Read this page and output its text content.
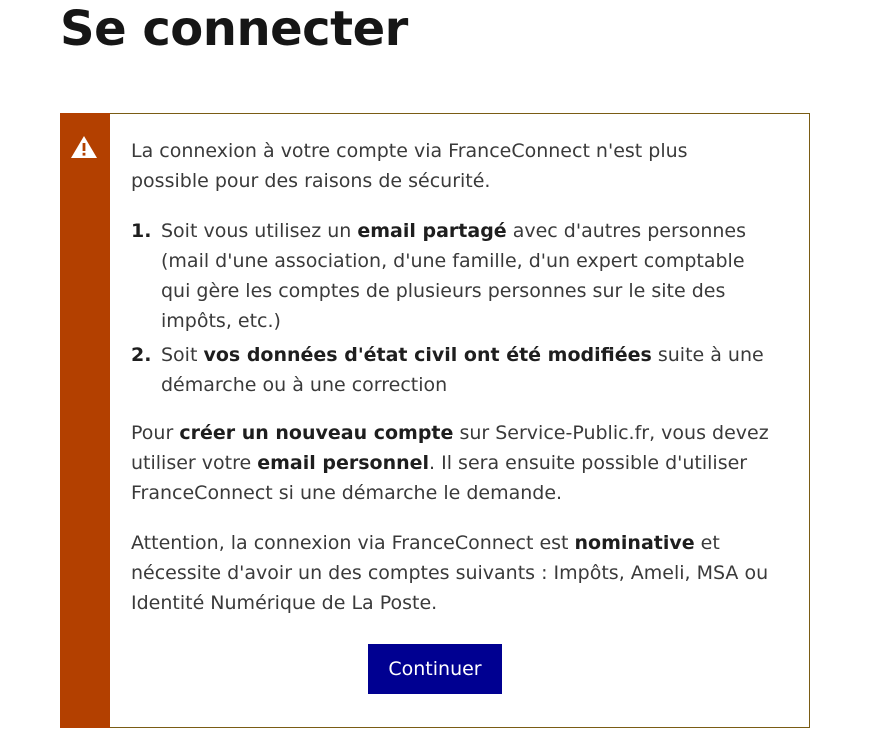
Se connecter

La connexion à votre compte via FranceConnect n'est plus possible pour des raisons de sécurité.

1. Soit vous utilisez un email partagé avec d'autres personnes (mail d'une association, d'une famille, d'un expert comptable qui gère les comptes de plusieurs personnes sur le site des impôts, etc.)
2. Soit vos données d'état civil ont été modifiées suite à une démarche ou à une correction

Pour créer un nouveau compte sur Service-Public.fr, vous devez utiliser votre email personnel. Il sera ensuite possible d'utiliser FranceConnect si une démarche le demande.

Attention, la connexion via FranceConnect est nominative et nécessite d'avoir un des comptes suivants : Impôts, Ameli, MSA ou Identité Numérique de La Poste.

Continuer
